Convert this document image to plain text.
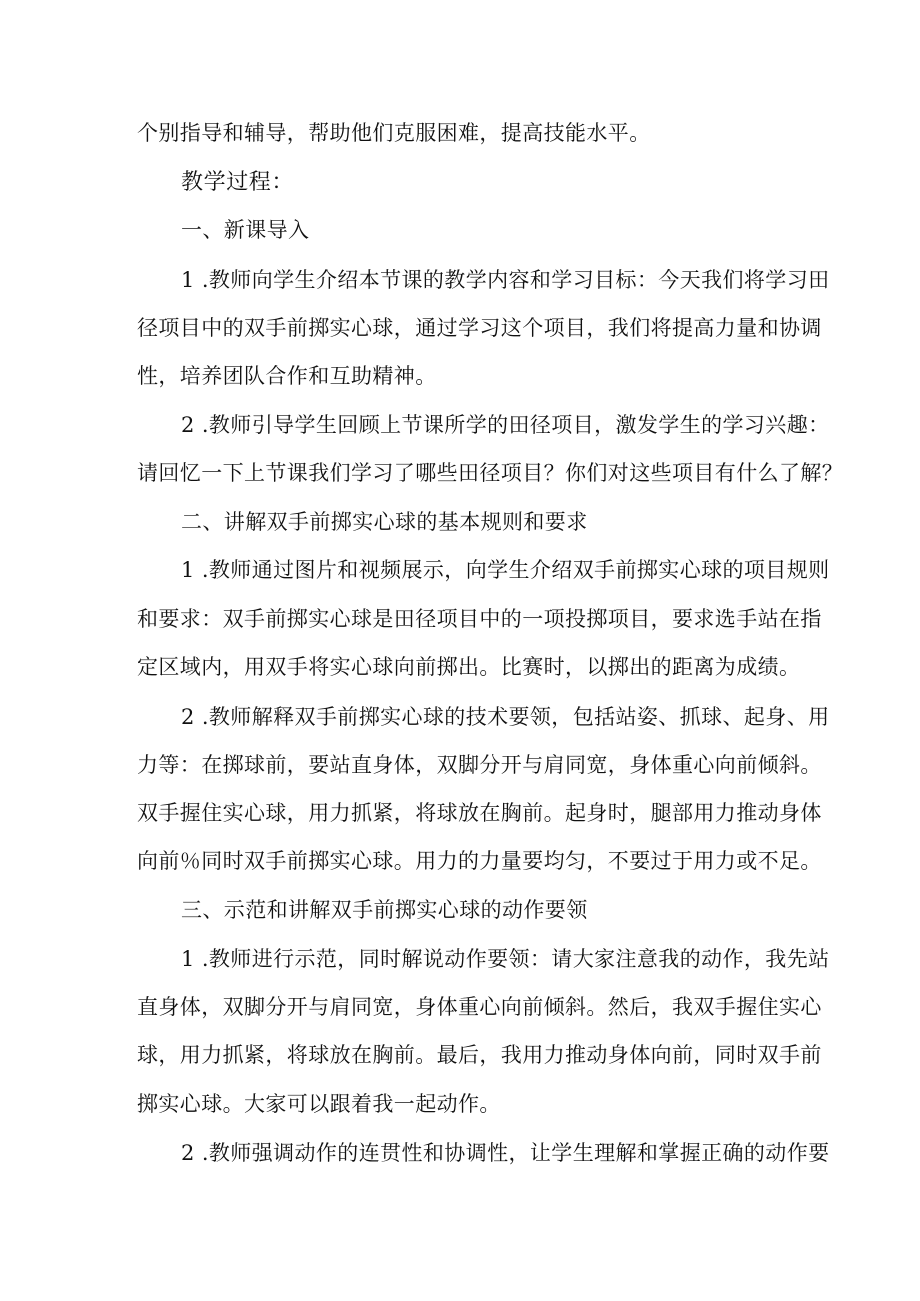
个别指导和辅导，帮助他们克服困难，提高技能水平。
教学过程：
一、新课导入
1 .教师向学生介绍本节课的教学内容和学习目标：今天我们将学习田
径项目中的双手前掷实心球，通过学习这个项目，我们将提高力量和协调
性，培养团队合作和互助精神。
2 .教师引导学生回顾上节课所学的田径项目，激发学生的学习兴趣：
请回忆一下上节课我们学习了哪些田径项目？你们对这些项目有什么了解？
二、讲解双手前掷实心球的基本规则和要求
1 .教师通过图片和视频展示，向学生介绍双手前掷实心球的项目规则
和要求：双手前掷实心球是田径项目中的一项投掷项目，要求选手站在指
定区域内，用双手将实心球向前掷出。比赛时，以掷出的距离为成绩。
2 .教师解释双手前掷实心球的技术要领，包括站姿、抓球、起身、用
力等：在掷球前，要站直身体，双脚分开与肩同宽，身体重心向前倾斜。
双手握住实心球，用力抓紧，将球放在胸前。起身时，腿部用力推动身体
向前％同时双手前掷实心球。用力的力量要均匀，不要过于用力或不足。
三、示范和讲解双手前掷实心球的动作要领
1 .教师进行示范，同时解说动作要领：请大家注意我的动作，我先站
直身体，双脚分开与肩同宽，身体重心向前倾斜。然后，我双手握住实心
球，用力抓紧，将球放在胸前。最后，我用力推动身体向前，同时双手前
掷实心球。大家可以跟着我一起动作。
2 .教师强调动作的连贯性和协调性，让学生理解和掌握正确的动作要
